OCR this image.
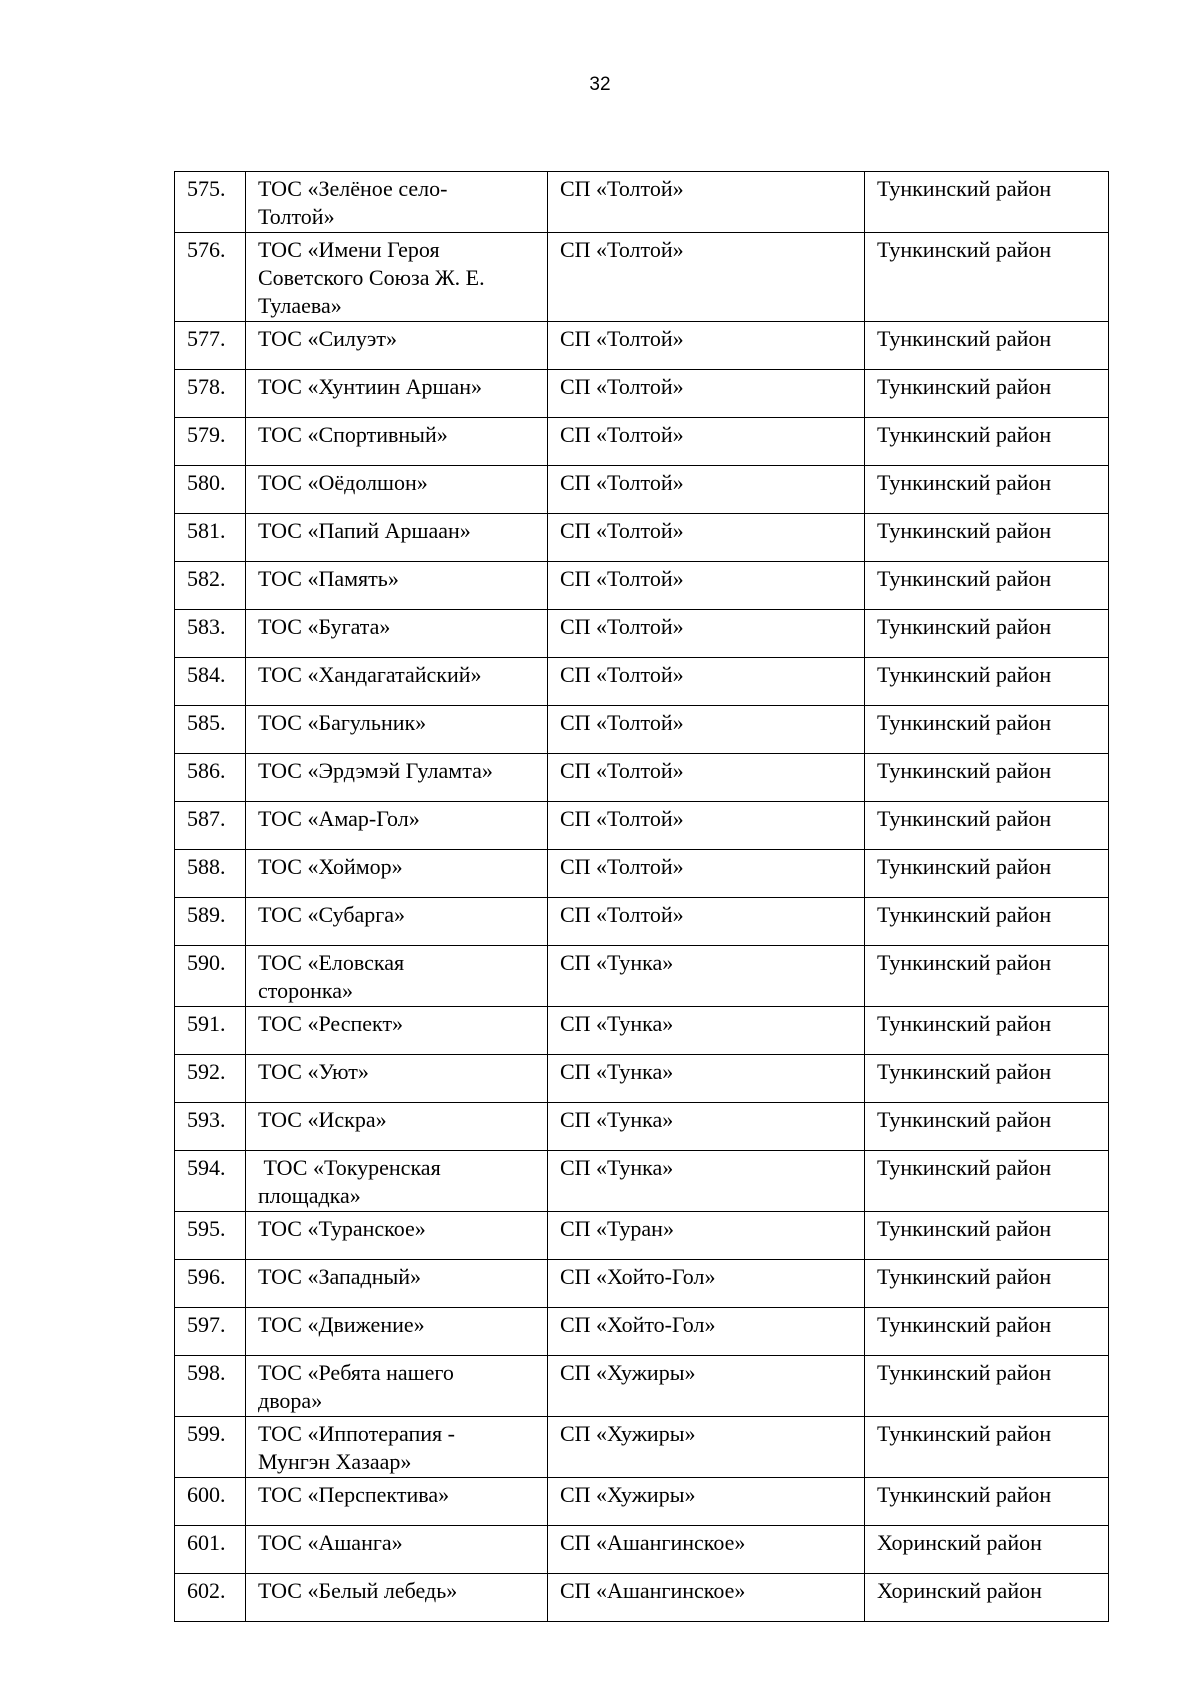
32
575.	ТОС «Зелёное село-
Толтой»	СП «Толтой»	Тункинский район
576.	ТОС «Имени Героя
Советского Союза Ж. Е.
Тулаева»	СП «Толтой»	Тункинский район
577.	ТОС «Силуэт»	СП «Толтой»	Тункинский район
578.	ТОС «Хунтиин Аршан»	СП «Толтой»	Тункинский район
579.	ТОС «Спортивный»	СП «Толтой»	Тункинский район
580.	ТОС «Оёдолшон»	СП «Толтой»	Тункинский район
581.	ТОС «Папий Аршаан»	СП «Толтой»	Тункинский район
582.	ТОС «Память»	СП «Толтой»	Тункинский район
583.	ТОС «Бугата»	СП «Толтой»	Тункинский район
584.	ТОС «Хандагатайский»	СП «Толтой»	Тункинский район
585.	ТОС «Багульник»	СП «Толтой»	Тункинский район
586.	ТОС «Эрдэмэй Гуламта»	СП «Толтой»	Тункинский район
587.	ТОС «Амар-Гол»	СП «Толтой»	Тункинский район
588.	ТОС «Хоймор»	СП «Толтой»	Тункинский район
589.	ТОС «Субарга»	СП «Толтой»	Тункинский район
590.	ТОС «Еловская
сторонка»	СП «Тунка»	Тункинский район
591.	ТОС «Респект»	СП «Тунка»	Тункинский район
592.	ТОС «Уют»	СП «Тунка»	Тункинский район
593.	ТОС «Искра»	СП «Тунка»	Тункинский район
594.	ТОС «Токуренская
площадка»	СП «Тунка»	Тункинский район
595.	ТОС «Туранское»	СП «Туран»	Тункинский район
596.	ТОС «Западный»	СП «Хойто-Гол»	Тункинский район
597.	ТОС «Движение»	СП «Хойто-Гол»	Тункинский район
598.	ТОС «Ребята нашего
двора»	СП «Хужиры»	Тункинский район
599.	ТОС «Иппотерапия -
Мунгэн Хазаар»	СП «Хужиры»	Тункинский район
600.	ТОС «Перспектива»	СП «Хужиры»	Тункинский район
601.	ТОС «Ашанга»	СП «Ашангинское»	Хоринский район
602.	ТОС «Белый лебедь»	СП «Ашангинское»	Хоринский район
